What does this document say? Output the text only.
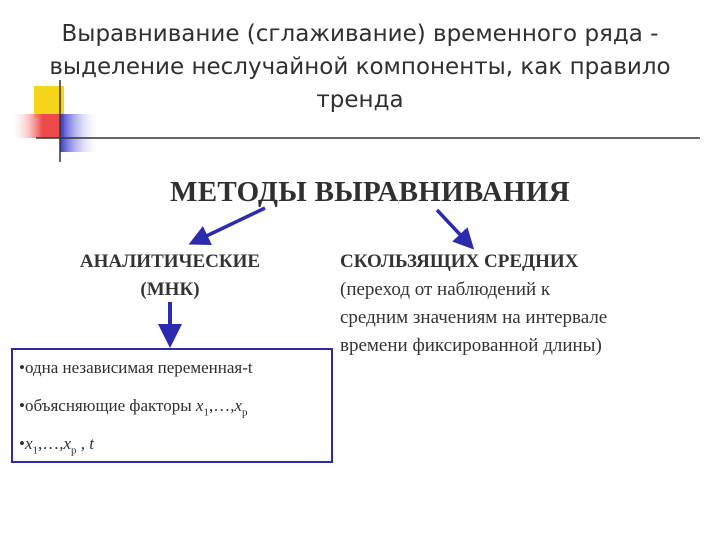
Выравнивание (сглаживание) временного ряда -
выделение неслучайной компоненты, как правило
тренда
МЕТОДЫ ВЫРАВНИВАНИЯ
АНАЛИТИЧЕСКИЕ
(МНК)
СКОЛЬЗЯЩИХ СРЕДНИХ
(переход от наблюдений к
средним значениям на интервале
времени фиксированной длины)
•одна независимая переменная-t
•объясняющие факторы $x_1,\dots,x_p$
$•x_1,\dots,x_p$ , t
